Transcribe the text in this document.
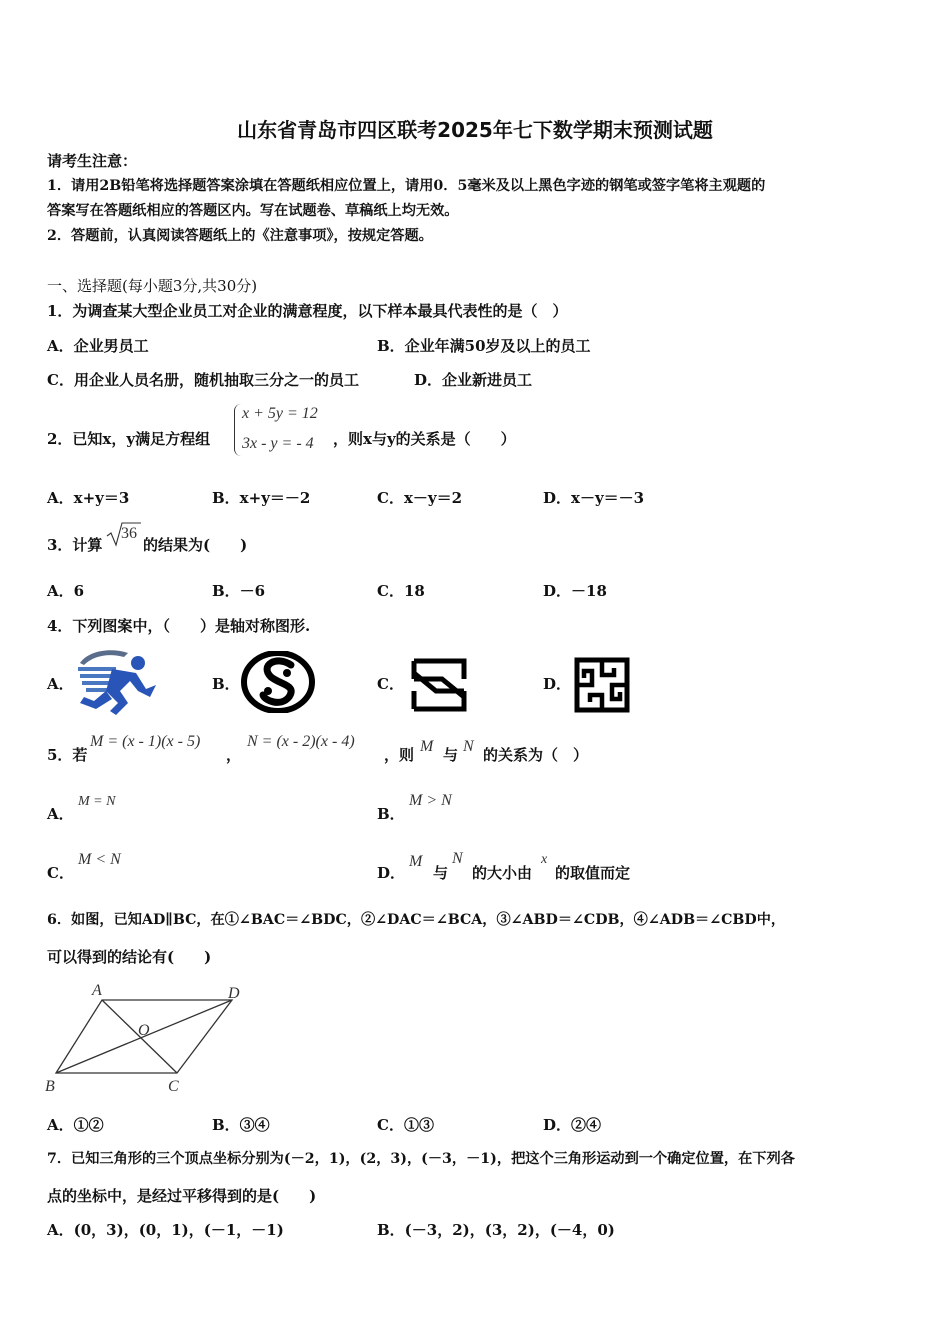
山东省青岛市四区联考2025年七下数学期末预测试题
请考生注意：
1．请用2B铅笔将选择题答案涂填在答题纸相应位置上，请用0．5毫米及以上黑色字迹的钢笔或签字笔将主观题的
答案写在答题纸相应的答题区内。写在试题卷、草稿纸上均无效。
2．答题前，认真阅读答题纸上的《注意事项》，按规定答题。
一、选择题(每小题3分,共30分)
1．为调查某大型企业员工对企业的满意程度，以下样本最具代表性的是（　）
A．企业男员工	B．企业年满50岁及以上的员工
C．用企业人员名册，随机抽取三分之一的员工	D．企业新进员工
2．已知x，y满足方程组
x + 5y = 12
3x - y = - 4 ，则x与y的关系是（　　）
A．x+y＝3	B．x+y＝－2	C．x－y＝2	D．x－y＝－3
3．计算
36
的结果为(　　)
A．6	B．－6	C．18	D．－18
4．下列图案中，（　　）是轴对称图形.
A．	B．	C．	D．
5．若
M = (x - 1)(x - 5)
，
N = (x - 2)(x - 4)
，则 M 与 N 的关系为（　）
A．
M = N
B．
M > N
C．
M < N
D．
M
与
N
的大小由
x
的取值而定
6．如图，已知AD∥BC，在①∠BAC＝∠BDC，②∠DAC＝∠BCA，③∠ABD＝∠CDB，④∠ADB＝∠CBD中，
可以得到的结论有(　　)
A	D
O
B	C
A．①②	B．③④	C．①③	D．②④
7．已知三角形的三个顶点坐标分别为(－2，1)，(2，3)，(－3，－1)，把这个三角形运动到一个确定位置，在下列各
点的坐标中，是经过平移得到的是(　　)
A．(0，3)，(0，1)，(－1，－1)	B．(－3，2)，(3，2)，(－4，0)
